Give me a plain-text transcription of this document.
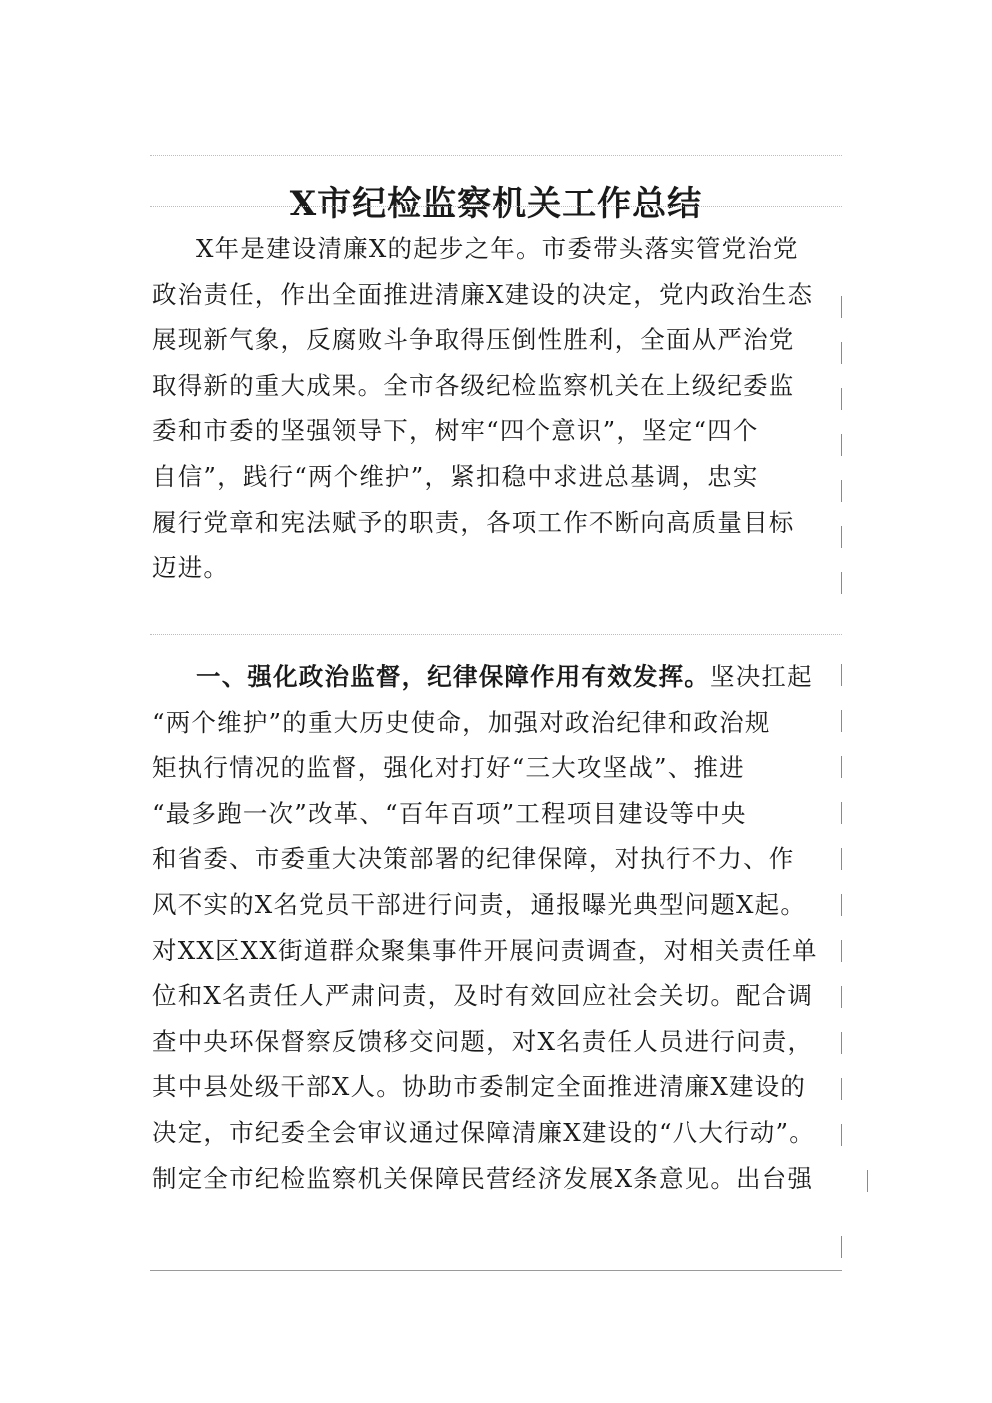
X市纪检监察机关工作总结
X年是建设清廉X的起步之年。市委带头落实管党治党
政治责任，作出全面推进清廉X建设的决定，党内政治生态
展现新气象，反腐败斗争取得压倒性胜利，全面从严治党
取得新的重大成果。全市各级纪检监察机关在上级纪委监
委和市委的坚强领导下，树牢“四个意识”，坚定“四个
自信”，践行“两个维护”，紧扣稳中求进总基调，忠实
履行党章和宪法赋予的职责，各项工作不断向高质量目标
迈进。
一、强化政治监督，纪律保障作用有效发挥。坚决扛起
“两个维护”的重大历史使命，加强对政治纪律和政治规
矩执行情况的监督，强化对打好“三大攻坚战”、推进
“最多跑一次”改革、“百年百项”工程项目建设等中央
和省委、市委重大决策部署的纪律保障，对执行不力、作
风不实的X名党员干部进行问责，通报曝光典型问题X起。
对XX区XX街道群众聚集事件开展问责调查，对相关责任单
位和X名责任人严肃问责，及时有效回应社会关切。配合调
查中央环保督察反馈移交问题，对X名责任人员进行问责，
其中县处级干部X人。协助市委制定全面推进清廉X建设的
决定，市纪委全会审议通过保障清廉X建设的“八大行动”。
制定全市纪检监察机关保障民营经济发展X条意见。出台强
